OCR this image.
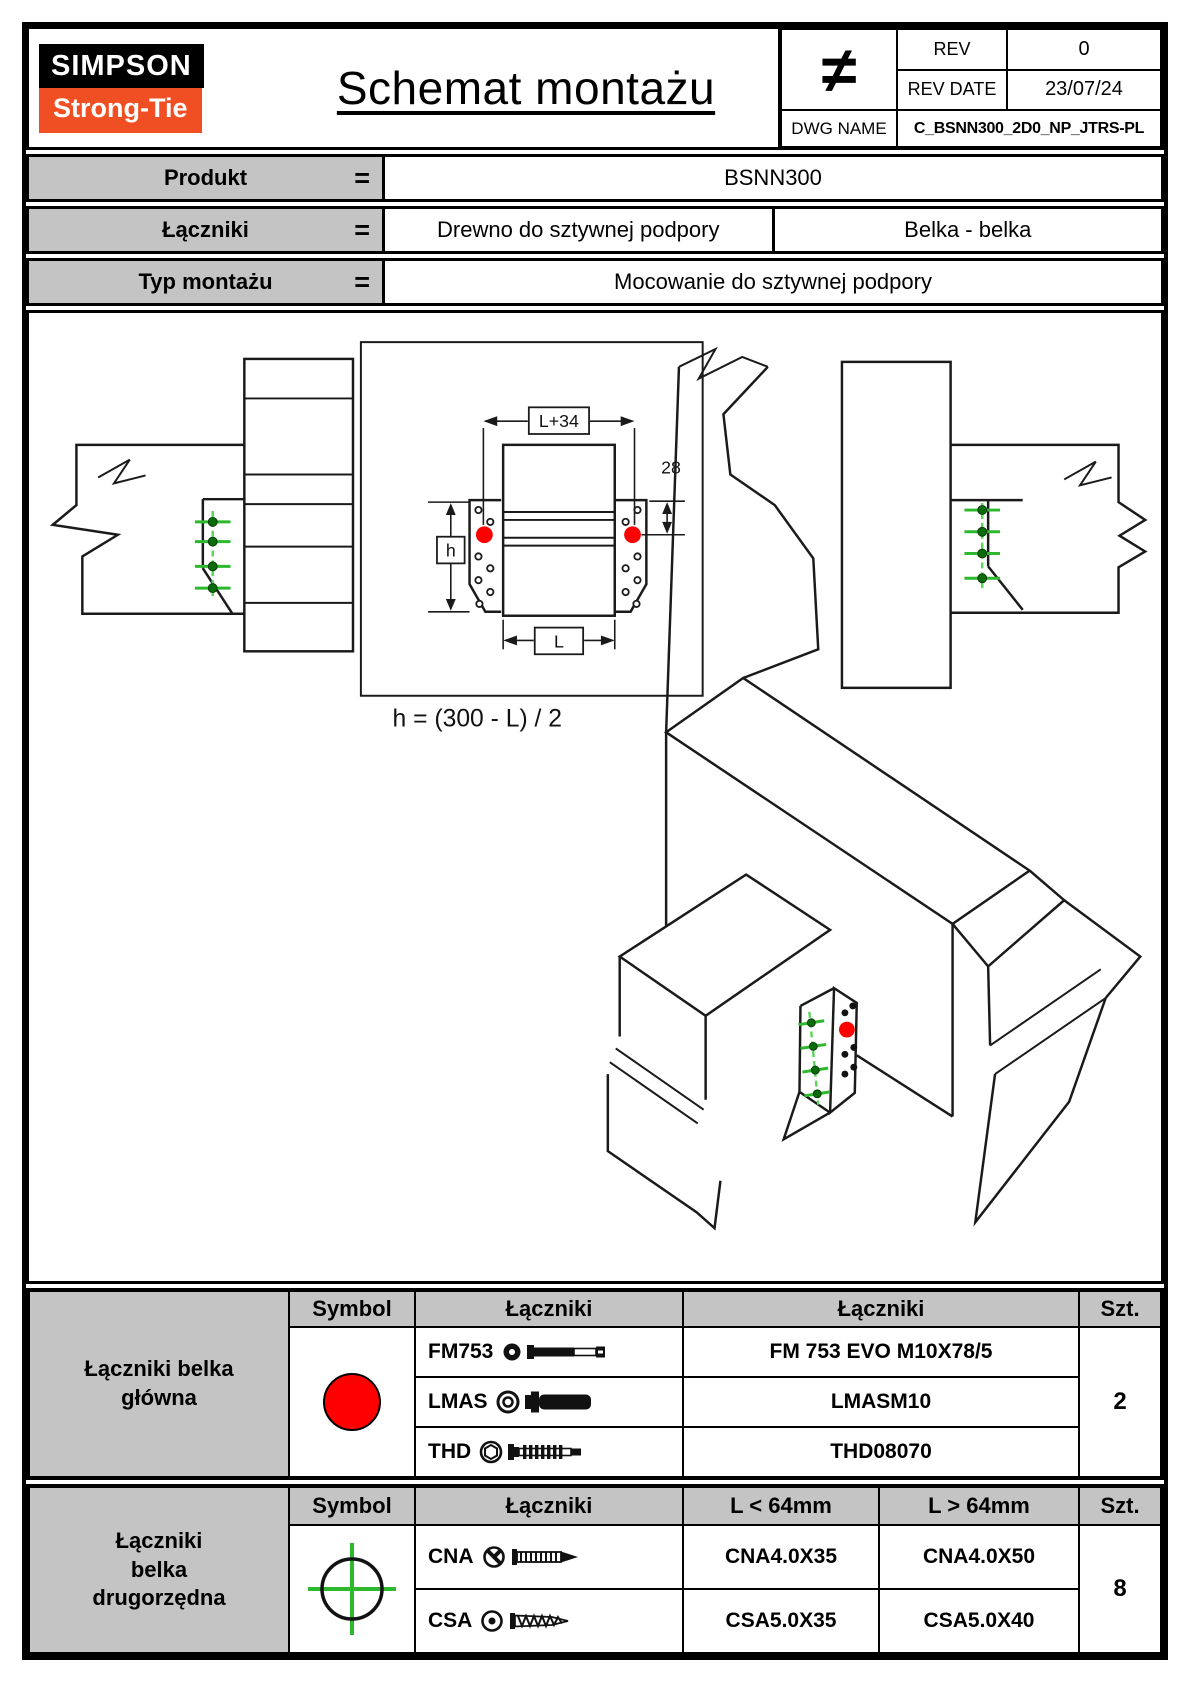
SIMPSON
Strong-Tie	Schemat montażu	≠	REV	0
REV DATE	23/07/24
DWG NAME	C_BSNN300_2D0_NP_JTRS-PL
Produkt	=	BSNN300
Łączniki	=	Drewno do sztywnej podpory	Belka - belka
Typ montażu	=	Mocowanie do sztywnej podpory
L+34
28
h
L
h = (300 - L) / 2
Łączniki belka główna
Symbol	Łączniki	Łączniki	Szt.
FM753	FM 753 EVO M10X78/5
LMAS	LMASM10
THD	THD08070
2
Łączniki belka drugorzędna
Symbol	Łączniki	L < 64mm	L > 64mm	Szt.
CNA	CNA4.0X35	CNA4.0X50
CSA	CSA5.0X35	CSA5.0X40
8
